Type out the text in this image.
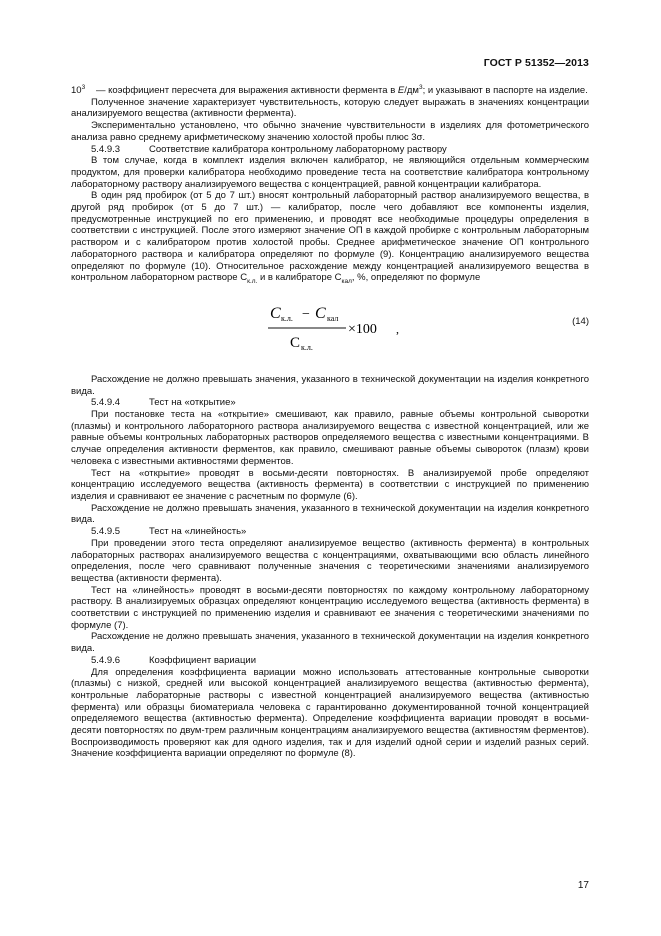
ГОСТ Р 51352—2013
$10^3$	— коэффициент пересчета для выражения активности фермента в $Е/дм^3$; и указывают в паспорте на изделие.

Полученное значение характеризует чувствительность, которую следует выражать в значениях концентрации анализируемого вещества (активности фермента).

Экспериментально установлено, что обычно значение чувствительности в изделиях для фотометрического анализа равно среднему арифметическому значению холостой пробы плюс 3σ.

5.4.9.3	Соответствие калибратора контрольному лабораторному раствору

В том случае, когда в комплект изделия включен калибратор, не являющийся отдельным коммерческим продуктом, для проверки калибратора необходимо проведение теста на соответствие калибратора контрольному лабораторному раствору анализируемого вещества с концентрацией, равной концентрации калибратора.

В один ряд пробирок (от 5 до 7 шт.) вносят контрольный лабораторный раствор анализируемого вещества, в другой ряд пробирок (от 5 до 7 шт.) — калибратор, после чего добавляют все компоненты изделия, предусмотренные инструкцией по его применению, и проводят все необходимые процедуры определения в соответствии с инструкцией. После этого измеряют значение ОП в каждой пробирке с контрольным лабораторным раствором и с калибратором против холостой пробы. Среднее арифметическое значение ОП контрольного лабораторного раствора и калибратора определяют по формуле (9). Концентрацию анализируемого вещества определяют по формуле (10). Относительное расхождение между концентрацией анализируемого вещества в контрольном лабораторном растворе $С_{к.л.}$ и в калибраторе $С_{кал}$, %, определяют по формуле

C к.л. − C кал
C к.л.
×100 ,
(14)

Расхождение не должно превышать значения, указанного в технической документации на изделия конкретного вида.

5.4.9.4	Тест на «открытие»

При постановке теста на «открытие» смешивают, как правило, равные объемы контрольной сыворотки (плазмы) и контрольного лабораторного раствора анализируемого вещества с известной концентрацией, или же равные объемы контрольных лабораторных растворов определяемого вещества с известными концентрациями. В случае определения активности ферментов, как правило, смешивают равные объемы сывороток (плазм) крови человека с известными активностями ферментов.

Тест на «открытие» проводят в восьми-десяти повторностях. В анализируемой пробе определяют концентрацию исследуемого вещества (активность фермента) в соответствии с инструкцией по применению изделия и сравнивают ее значение с расчетным по формуле (6).

Расхождение не должно превышать значения, указанного в технической документации на изделия конкретного вида.

5.4.9.5	Тест на «линейность»

При проведении этого теста определяют анализируемое вещество (активность фермента) в контрольных лабораторных растворах анализируемого вещества с концентрациями, охватывающими всю область линейного определения, после чего сравнивают полученные значения с теоретическими значениями анализируемого вещества (активности фермента).

Тест на «линейность» проводят в восьми-десяти повторностях по каждому контрольному лабораторному раствору. В анализируемых образцах определяют концентрацию исследуемого вещества (активность фермента) в соответствии с инструкцией по применению изделия и сравнивают ее значения с теоретическими значениями по формуле (7).

Расхождение не должно превышать значения, указанного в технической документации на изделия конкретного вида.

5.4.9.6	Коэффициент вариации

Для определения коэффициента вариации можно использовать аттестованные контрольные сыворотки (плазмы) с низкой, средней или высокой концентрацией анализируемого вещества (активностью фермента), контрольные лабораторные растворы с известной концентрацией анализируемого вещества (активностью фермента) или образцы биоматериала человека с гарантированно документированной точной концентрацией определяемого вещества (активностью фермента). Определение коэффициента вариации проводят в восьми-десяти повторностях по двум-трем различным концентрациям анализируемого вещества (активностям ферментов). Воспроизводимость проверяют как для одного изделия, так и для изделий одной серии и изделий разных серий. Значение коэффициента вариации определяют по формуле (8).

17
